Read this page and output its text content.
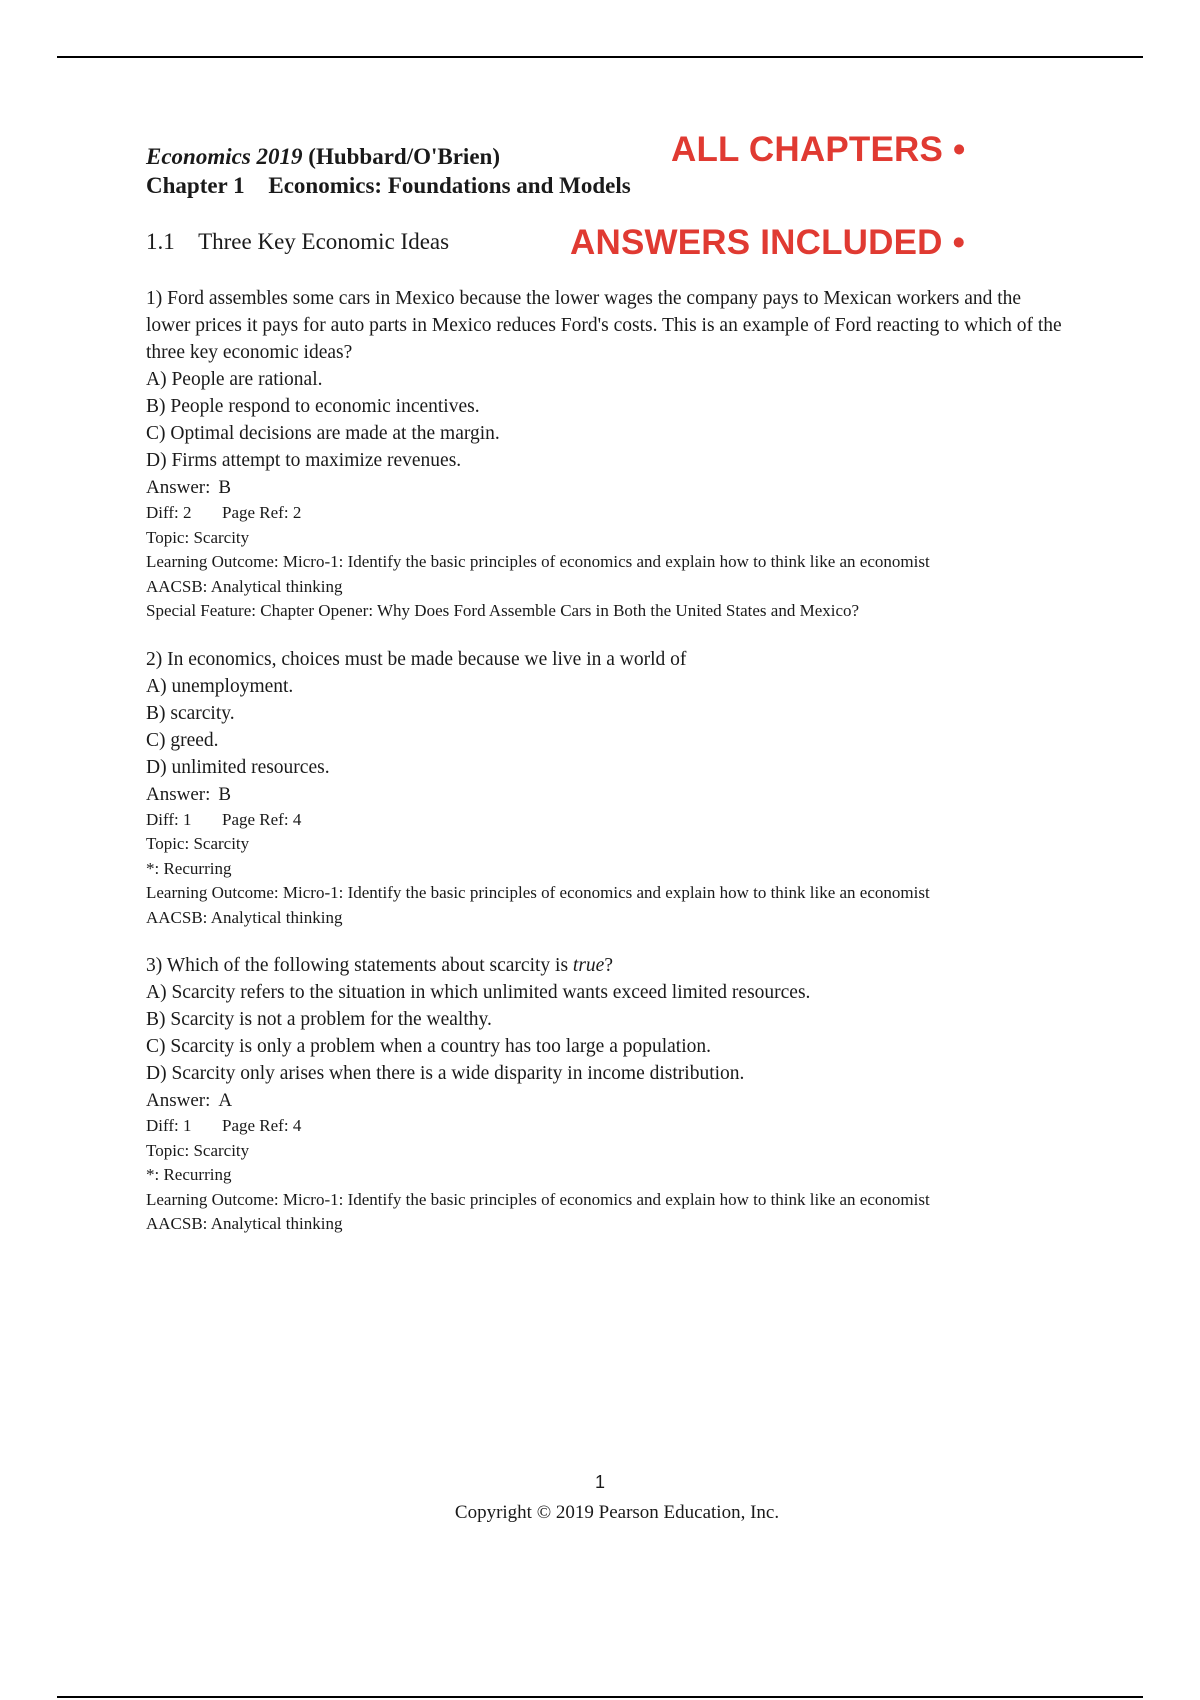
Economics 2019 (Hubbard/O'Brien)
Chapter 1 Economics: Foundations and Models
1.1 Three Key Economic Ideas
ALL CHAPTERS •
ANSWERS INCLUDED •

1) Ford assembles some cars in Mexico because the lower wages the company pays to Mexican workers and the lower prices it pays for auto parts in Mexico reduces Ford's costs. This is an example of Ford reacting to which of the three key economic ideas?

A) People are rational.

B) People respond to economic incentives.

C) Optimal decisions are made at the margin.

D) Firms attempt to maximize revenues.

Answer: B

Diff: 2 Page Ref: 2

Topic: Scarcity

Learning Outcome: Micro-1: Identify the basic principles of economics and explain how to think like an economist

AACSB: Analytical thinking

Special Feature: Chapter Opener: Why Does Ford Assemble Cars in Both the United States and Mexico?

2) In economics, choices must be made because we live in a world of

A) unemployment.

B) scarcity.

C) greed.

D) unlimited resources.

Answer: B

Diff: 1 Page Ref: 4

Topic: Scarcity

*: Recurring

Learning Outcome: Micro-1: Identify the basic principles of economics and explain how to think like an economist

AACSB: Analytical thinking

3) Which of the following statements about scarcity is true?

A) Scarcity refers to the situation in which unlimited wants exceed limited resources.

B) Scarcity is not a problem for the wealthy.

C) Scarcity is only a problem when a country has too large a population.

D) Scarcity only arises when there is a wide disparity in income distribution.

Answer: A

Diff: 1 Page Ref: 4

Topic: Scarcity

*: Recurring

Learning Outcome: Micro-1: Identify the basic principles of economics and explain how to think like an economist

AACSB: Analytical thinking

1
Copyright © 2019 Pearson Education, Inc.
